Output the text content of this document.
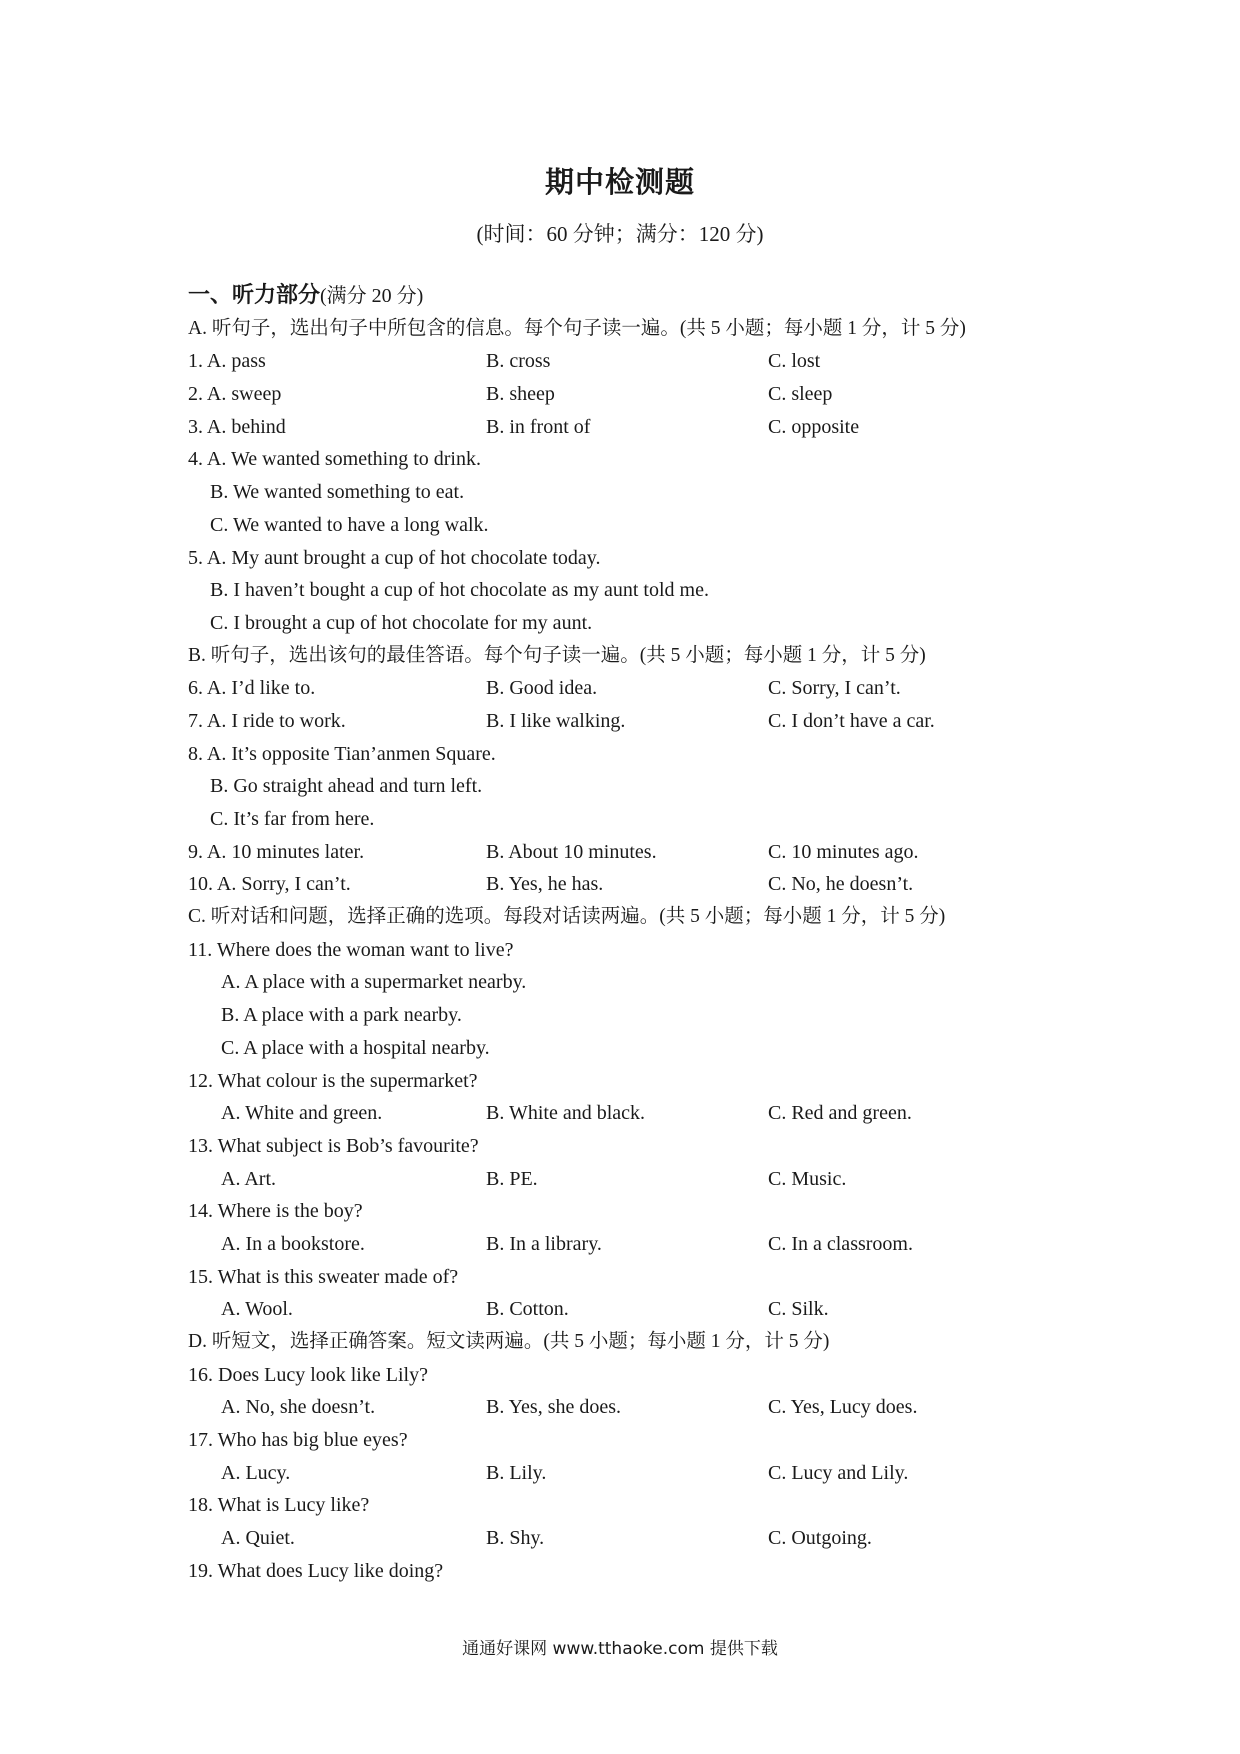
期中检测题
(时间：60 分钟；满分：120 分)
一、听力部分(满分 20 分)
A. 听句子，选出句子中所包含的信息。每个句子读一遍。(共 5 小题；每小题 1 分，计 5 分)
1. A. pass	B. cross	C. lost
2. A. sweep	B. sheep	C. sleep
3. A. behind	B. in front of	C. opposite
4. A. We wanted something to drink.
B. We wanted something to eat.
C. We wanted to have a long walk.
5. A. My aunt brought a cup of hot chocolate today.
B. I haven’t bought a cup of hot chocolate as my aunt told me.
C. I brought a cup of hot chocolate for my aunt.
B. 听句子，选出该句的最佳答语。每个句子读一遍。(共 5 小题；每小题 1 分，计 5 分)
6. A. I’d like to.	B. Good idea.	C. Sorry, I can’t.
7. A. I ride to work.	B. I like walking.	C. I don’t have a car.
8. A. It’s opposite Tian’anmen Square.
B. Go straight ahead and turn left.
C. It’s far from here.
9. A. 10 minutes later.	B. About 10 minutes.	C. 10 minutes ago.
10. A. Sorry, I can’t.	B. Yes, he has.	C. No, he doesn’t.
C. 听对话和问题，选择正确的选项。每段对话读两遍。(共 5 小题；每小题 1 分，计 5 分)
11. Where does the woman want to live?
A. A place with a supermarket nearby.
B. A place with a park nearby.
C. A place with a hospital nearby.
12. What colour is the supermarket?
A. White and green.	B. White and black.	C. Red and green.
13. What subject is Bob’s favourite?
A. Art.	B. PE.	C. Music.
14. Where is the boy?
A. In a bookstore.	B. In a library.	C. In a classroom.
15. What is this sweater made of?
A. Wool.	B. Cotton.	C. Silk.
D. 听短文，选择正确答案。短文读两遍。(共 5 小题；每小题 1 分，计 5 分)
16. Does Lucy look like Lily?
A. No, she doesn’t.	B. Yes, she does.	C. Yes, Lucy does.
17. Who has big blue eyes?
A. Lucy.	B. Lily.	C. Lucy and Lily.
18. What is Lucy like?
A. Quiet.	B. Shy.	C. Outgoing.
19. What does Lucy like doing?
通通好课网 www.tthaoke.com 提供下载
